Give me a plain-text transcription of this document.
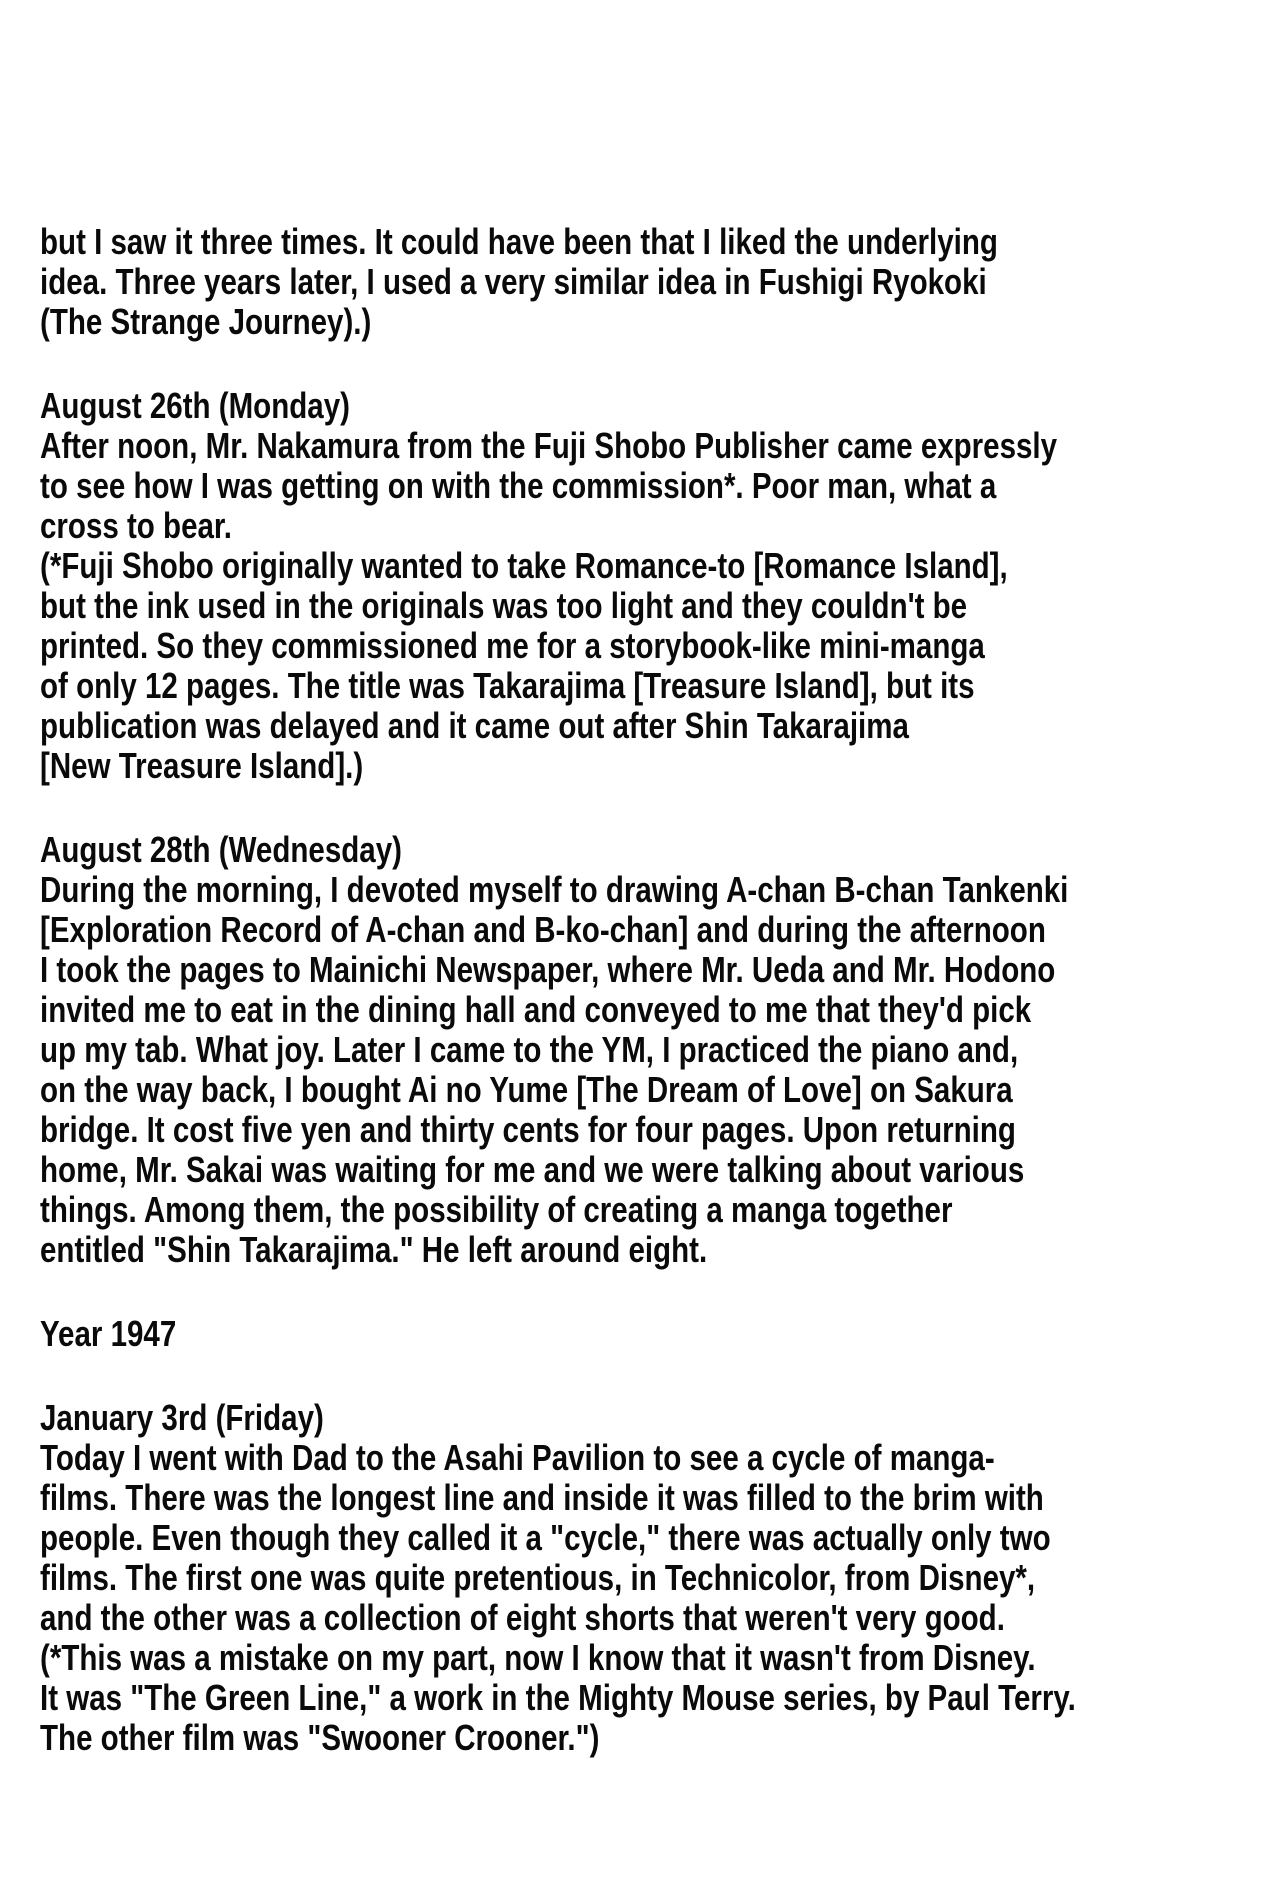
but I saw it three times. It could have been that I liked the underlying
idea. Three years later, I used a very similar idea in Fushigi Ryokoki
(The Strange Journey).)
August 26th (Monday)
After noon, Mr. Nakamura from the Fuji Shobo Publisher came expressly
to see how I was getting on with the commission*. Poor man, what a
cross to bear.
(*Fuji Shobo originally wanted to take Romance-to [Romance Island],
but the ink used in the originals was too light and they couldn't be
printed. So they commissioned me for a storybook-like mini-manga
of only 12 pages. The title was Takarajima [Treasure Island], but its
publication was delayed and it came out after Shin Takarajima
[New Treasure Island].)
August 28th (Wednesday)
During the morning, I devoted myself to drawing A-chan B-chan Tankenki
[Exploration Record of A-chan and B-ko-chan] and during the afternoon
I took the pages to Mainichi Newspaper, where Mr. Ueda and Mr. Hodono
invited me to eat in the dining hall and conveyed to me that they'd pick
up my tab. What joy. Later I came to the YM, I practiced the piano and,
on the way back, I bought Ai no Yume [The Dream of Love] on Sakura
bridge. It cost five yen and thirty cents for four pages. Upon returning
home, Mr. Sakai was waiting for me and we were talking about various
things. Among them, the possibility of creating a manga together
entitled "Shin Takarajima." He left around eight.
Year 1947
January 3rd (Friday)
Today I went with Dad to the Asahi Pavilion to see a cycle of manga-
films. There was the longest line and inside it was filled to the brim with
people. Even though they called it a "cycle," there was actually only two
films. The first one was quite pretentious, in Technicolor, from Disney*,
and the other was a collection of eight shorts that weren't very good.
(*This was a mistake on my part, now I know that it wasn't from Disney.
It was "The Green Line," a work in the Mighty Mouse series, by Paul Terry.
The other film was "Swooner Crooner.")
